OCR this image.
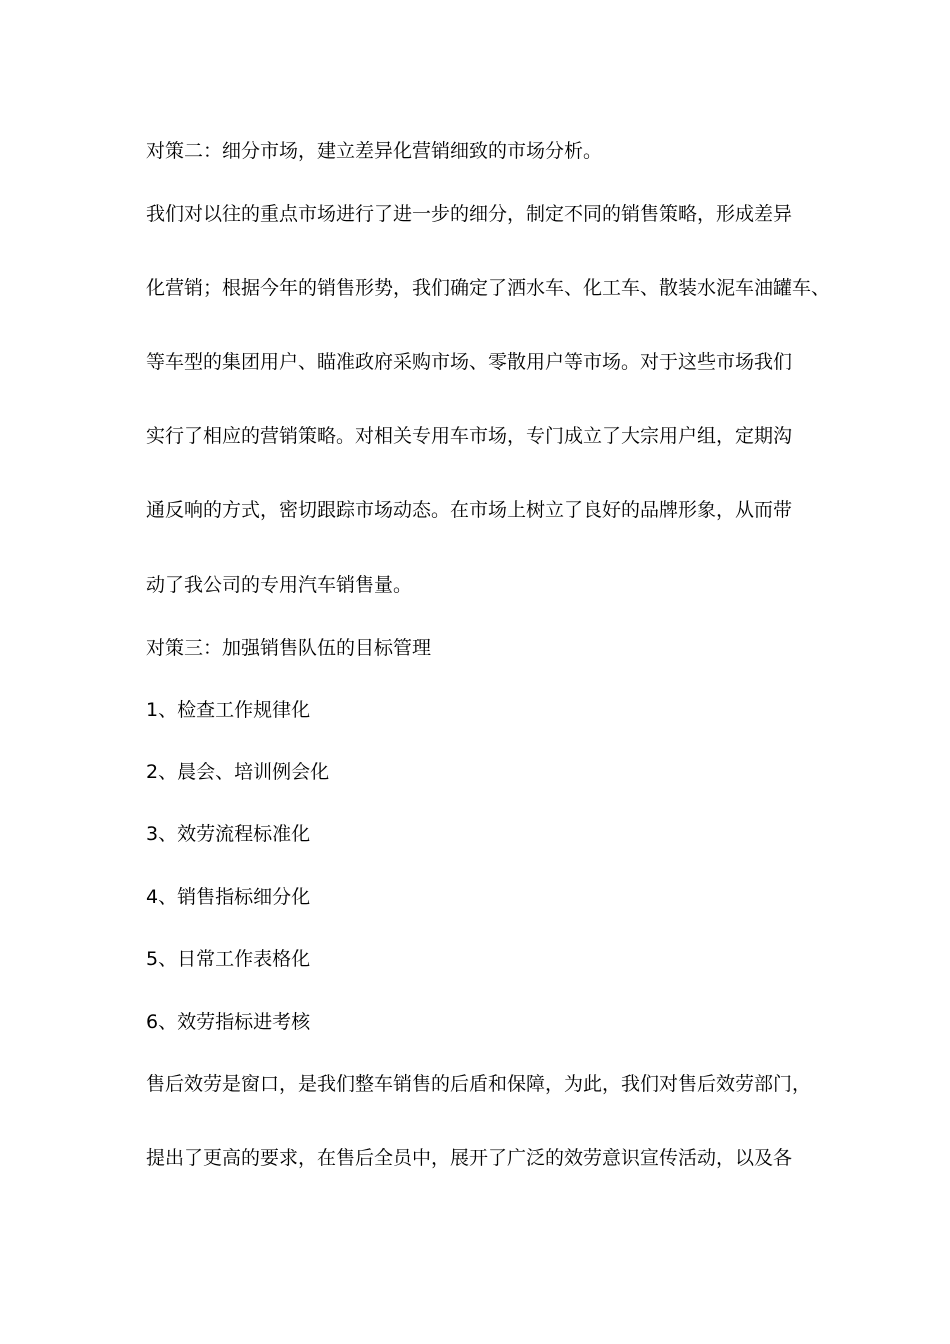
对策二：细分市场，建立差异化营销细致的市场分析。
我们对以往的重点市场进行了进一步的细分，制定不同的销售策略，形成差异
化营销；根据今年的销售形势，我们确定了洒水车、化工车、散装水泥车油罐车、
等车型的集团用户、瞄准政府采购市场、零散用户等市场。对于这些市场我们
实行了相应的营销策略。对相关专用车市场，专门成立了大宗用户组，定期沟
通反响的方式，密切跟踪市场动态。在市场上树立了良好的品牌形象，从而带
动了我公司的专用汽车销售量。
对策三：加强销售队伍的目标管理
1、检查工作规律化
2、晨会、培训例会化
3、效劳流程标准化
4、销售指标细分化
5、日常工作表格化
6、效劳指标进考核
售后效劳是窗口，是我们整车销售的后盾和保障，为此，我们对售后效劳部门，
提出了更高的要求，在售后全员中，展开了广泛的效劳意识宣传活动，以及各
